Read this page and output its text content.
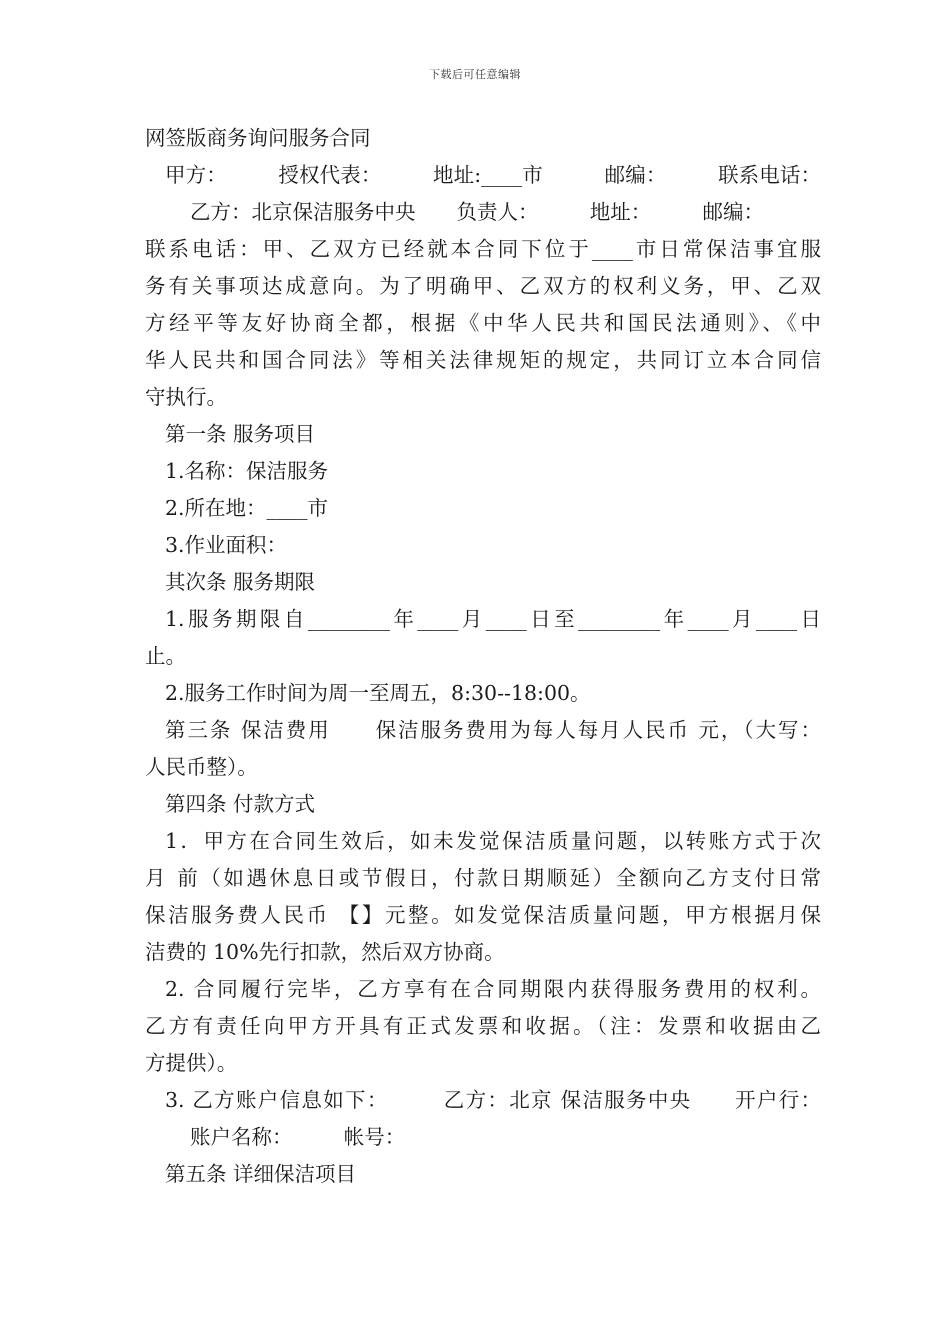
下载后可任意编辑
网签版商务询问服务合同
甲方：　　　授权代表：　　　地址:____市　　　邮编：　　　联系电话：
乙方：北京保洁服务中央　　负责人：　　　地址：　　　邮编：
联系电话：甲、乙双方已经就本合同下位于____市日常保洁事宜服
务有关事项达成意向。为了明确甲、乙双方的权利义务，甲、乙双
方经平等友好协商全都，根据《中华人民共和国民法通则》、《中
华人民共和国合同法》等相关法律规矩的规定，共同订立本合同信
守执行。
第一条 服务项目
1.名称：保洁服务
2.所在地：____市
3.作业面积：
其次条 服务期限
1.服务期限自________年____月____日至________年____月____日
止。
2.服务工作时间为周一至周五，8:30--18:00。
第三条 保洁费用　　保洁服务费用为每人每月人民币 元，（大写：
人民币整）。
第四条 付款方式
1．甲方在合同生效后，如未发觉保洁质量问题，以转账方式于次
月 前（如遇休息日或节假日，付款日期顺延）全额向乙方支付日常
保洁服务费人民币 【】元整。如发觉保洁质量问题，甲方根据月保
洁费的 10%先行扣款，然后双方协商。
2. 合同履行完毕，乙方享有在合同期限内获得服务费用的权利。
乙方有责任向甲方开具有正式发票和收据。（注：发票和收据由乙
方提供）。
3. 乙方账户信息如下：　　　乙方：北京 保洁服务中央　　开户行：
账户名称：　　　帐号：
第五条 详细保洁项目
